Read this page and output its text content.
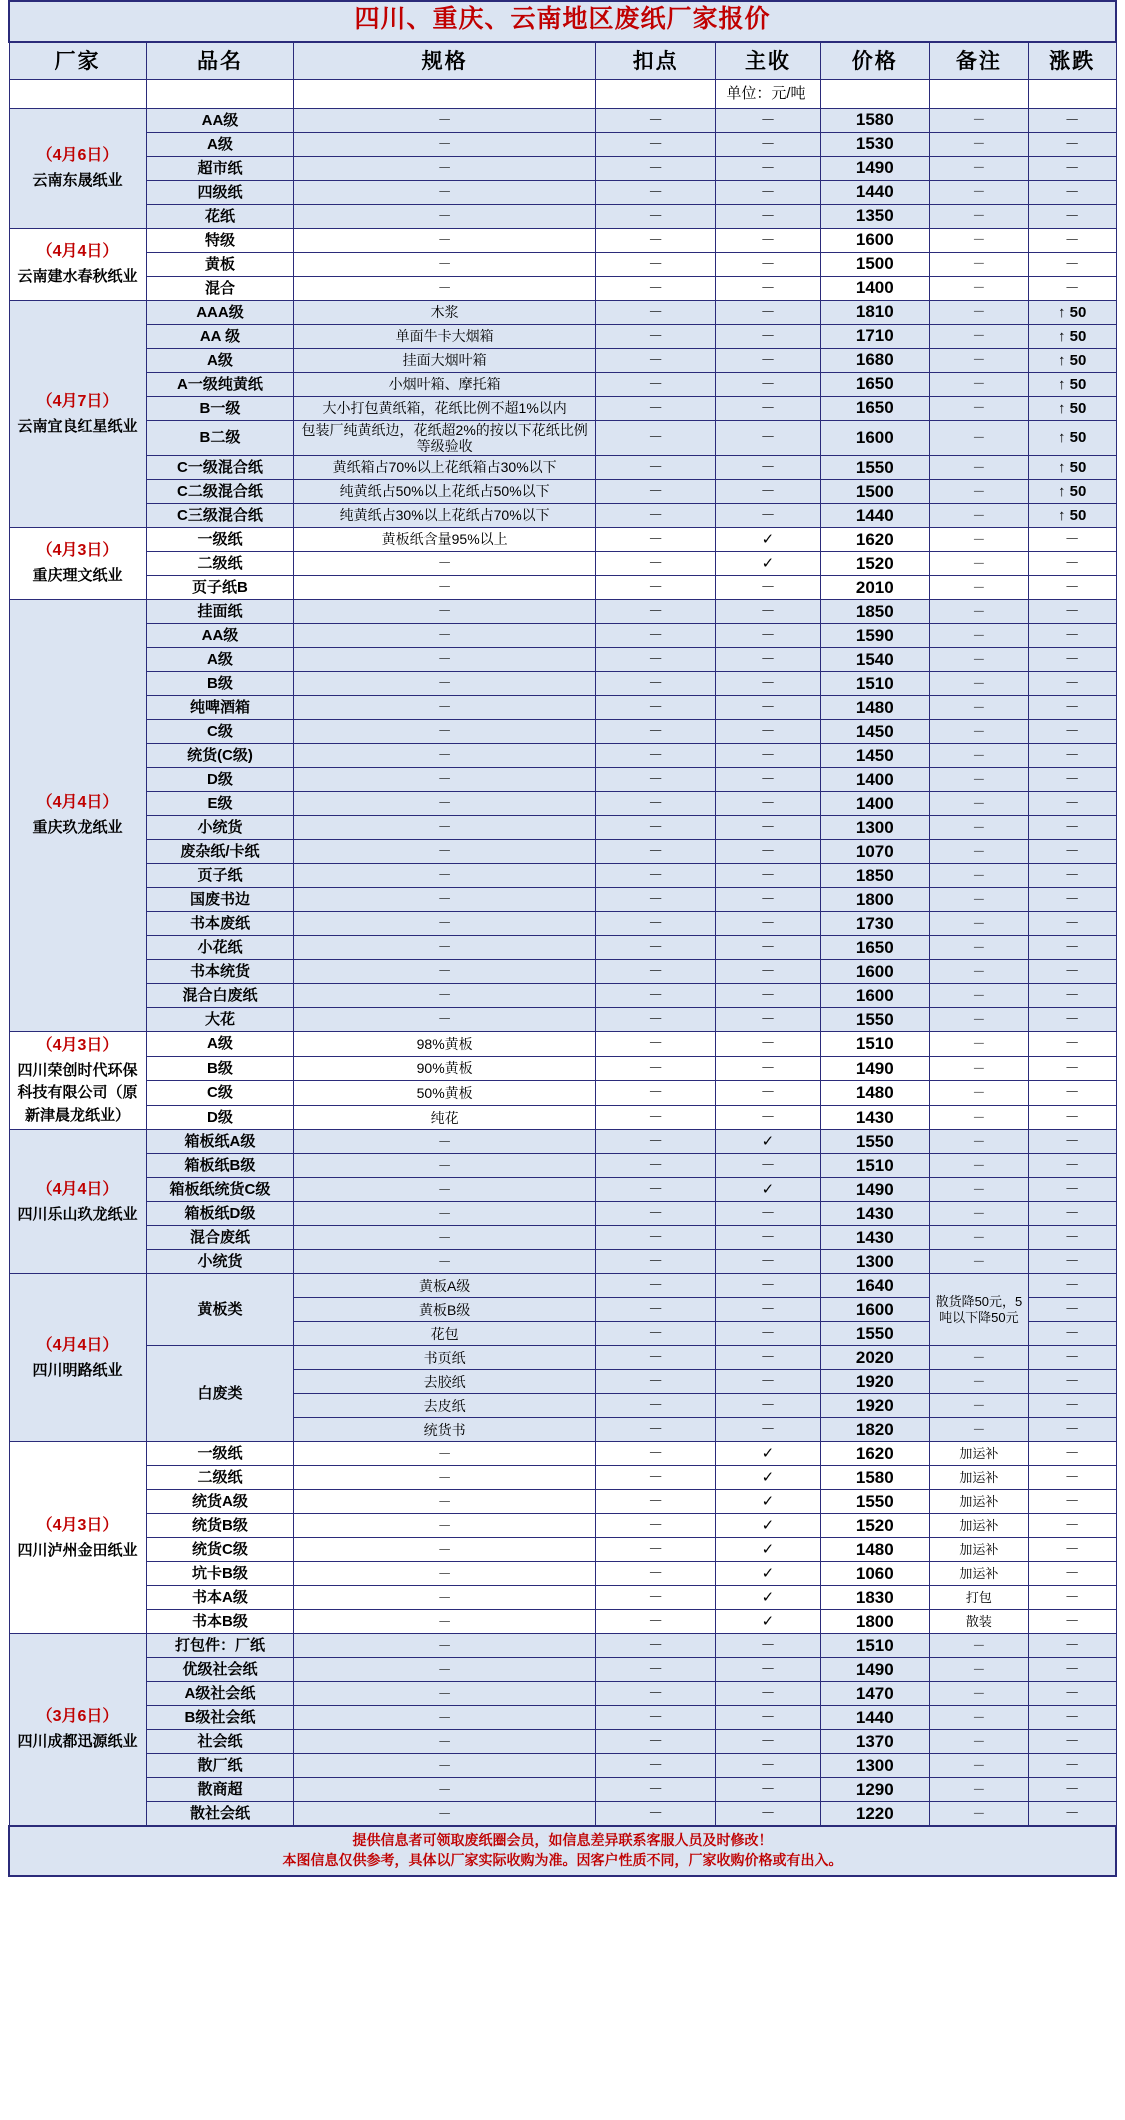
四川、重庆、云南地区废纸厂家报价							
厂家	品名	规格	扣点	主收	价格	备注	涨跌
				单位：元/吨			

（4月6日）
云南东晟纸业	AA级	－	－	－	1580	－	－
	A级	－	－	－	1530	－	－
	超市纸	－	－	－	1490	－	－
	四级纸	－	－	－	1440	－	－
	花纸	－	－	－	1350	－	－

（4月4日）
云南建水春秋纸业	特级	－	－	－	1600	－	－
	黄板	－	－	－	1500	－	－
	混合	－	－	－	1400	－	－

（4月7日）
云南宜良红星纸业	AAA级	木浆	－	－	1810	－	↑ 50
	AA 级	单面牛卡大烟箱	－	－	1710	－	↑ 50
	A级	挂面大烟叶箱	－	－	1680	－	↑ 50
	A一级纯黄纸	小烟叶箱、摩托箱	－	－	1650	－	↑ 50
	B一级	大小打包黄纸箱，花纸比例不超1%以内	－	－	1650	－	↑ 50
	B二级	包装厂纯黄纸边，花纸超2%的按以下花纸比例等级验收	－	－	1600	－	↑ 50
	C一级混合纸	黄纸箱占70%以上花纸箱占30%以下	－	－	1550	－	↑ 50
	C二级混合纸	纯黄纸占50%以上花纸占50%以下	－	－	1500	－	↑ 50
	C三级混合纸	纯黄纸占30%以上花纸占70%以下	－	－	1440	－	↑ 50

（4月3日）
重庆理文纸业	一级纸	黄板纸含量95%以上	－	✓	1620	－	－
	二级纸	－	－	✓	1520	－	－
	页子纸B	－	－	－	2010	－	－

（4月4日）
重庆玖龙纸业	挂面纸	－	－	－	1850	－	－
	AA级	－	－	－	1590	－	－
	A级	－	－	－	1540	－	－
	B级	－	－	－	1510	－	－
	纯啤酒箱	－	－	－	1480	－	－
	C级	－	－	－	1450	－	－
	统货(C级)	－	－	－	1450	－	－
	D级	－	－	－	1400	－	－
	E级	－	－	－	1400	－	－
	小统货	－	－	－	1300	－	－
	废杂纸/卡纸	－	－	－	1070	－	－
	页子纸	－	－	－	1850	－	－
	国废书边	－	－	－	1800	－	－
	书本废纸	－	－	－	1730	－	－
	小花纸	－	－	－	1650	－	－
	书本统货	－	－	－	1600	－	－
	混合白废纸	－	－	－	1600	－	－
	大花	－	－	－	1550	－	－

（4月3日）
四川荣创时代环保科技有限公司（原新津晨龙纸业）	A级	98%黄板	－	－	1510	－	－
	B级	90%黄板	－	－	1490	－	－
	C级	50%黄板	－	－	1480	－	－
	D级	纯花	－	－	1430	－	－

（4月4日）
四川乐山玖龙纸业	箱板纸A级	－	－	✓	1550	－	－
	箱板纸B级	－	－	－	1510	－	－
	箱板纸统货C级	－	－	✓	1490	－	－
	箱板纸D级	－	－	－	1430	－	－
	混合废纸	－	－	－	1430	－	－
	小统货	－	－	－	1300	－	－

（4月4日）
四川明路纸业	黄板类	黄板A级	－	－	1640	散货降50元，5吨以下降50元	－
		黄板B级	－	－	1600		－
		花包	－	－	1550		－
	白废类	书页纸	－	－	2020	－	－
		去胶纸	－	－	1920	－	－
		去皮纸	－	－	1920	－	－
		统货书	－	－	1820	－	－

（4月3日）
四川泸州金田纸业	一级纸	－	－	✓	1620	加运补	－
	二级纸	－	－	✓	1580	加运补	－
	统货A级	－	－	✓	1550	加运补	－
	统货B级	－	－	✓	1520	加运补	－
	统货C级	－	－	✓	1480	加运补	－
	坑卡B级	－	－	✓	1060	加运补	－
	书本A级	－	－	✓	1830	打包	－
	书本B级	－	－	✓	1800	散装	－

（3月6日）
四川成都迅源纸业	打包件：厂纸	－	－	－	1510	－	－
	优级社会纸	－	－	－	1490	－	－
	A级社会纸	－	－	－	1470	－	－
	B级社会纸	－	－	－	1440	－	－
	社会纸	－	－	－	1370	－	－
	散厂纸	－	－	－	1300	－	－
	散商超	－	－	－	1290	－	－
	散社会纸	－	－	－	1220	－	－
提供信息者可领取废纸圈会员，如信息差异联系客服人员及时修改！
本图信息仅供参考，具体以厂家实际收购为准。因客户性质不同，厂家收购价格或有出入。							
